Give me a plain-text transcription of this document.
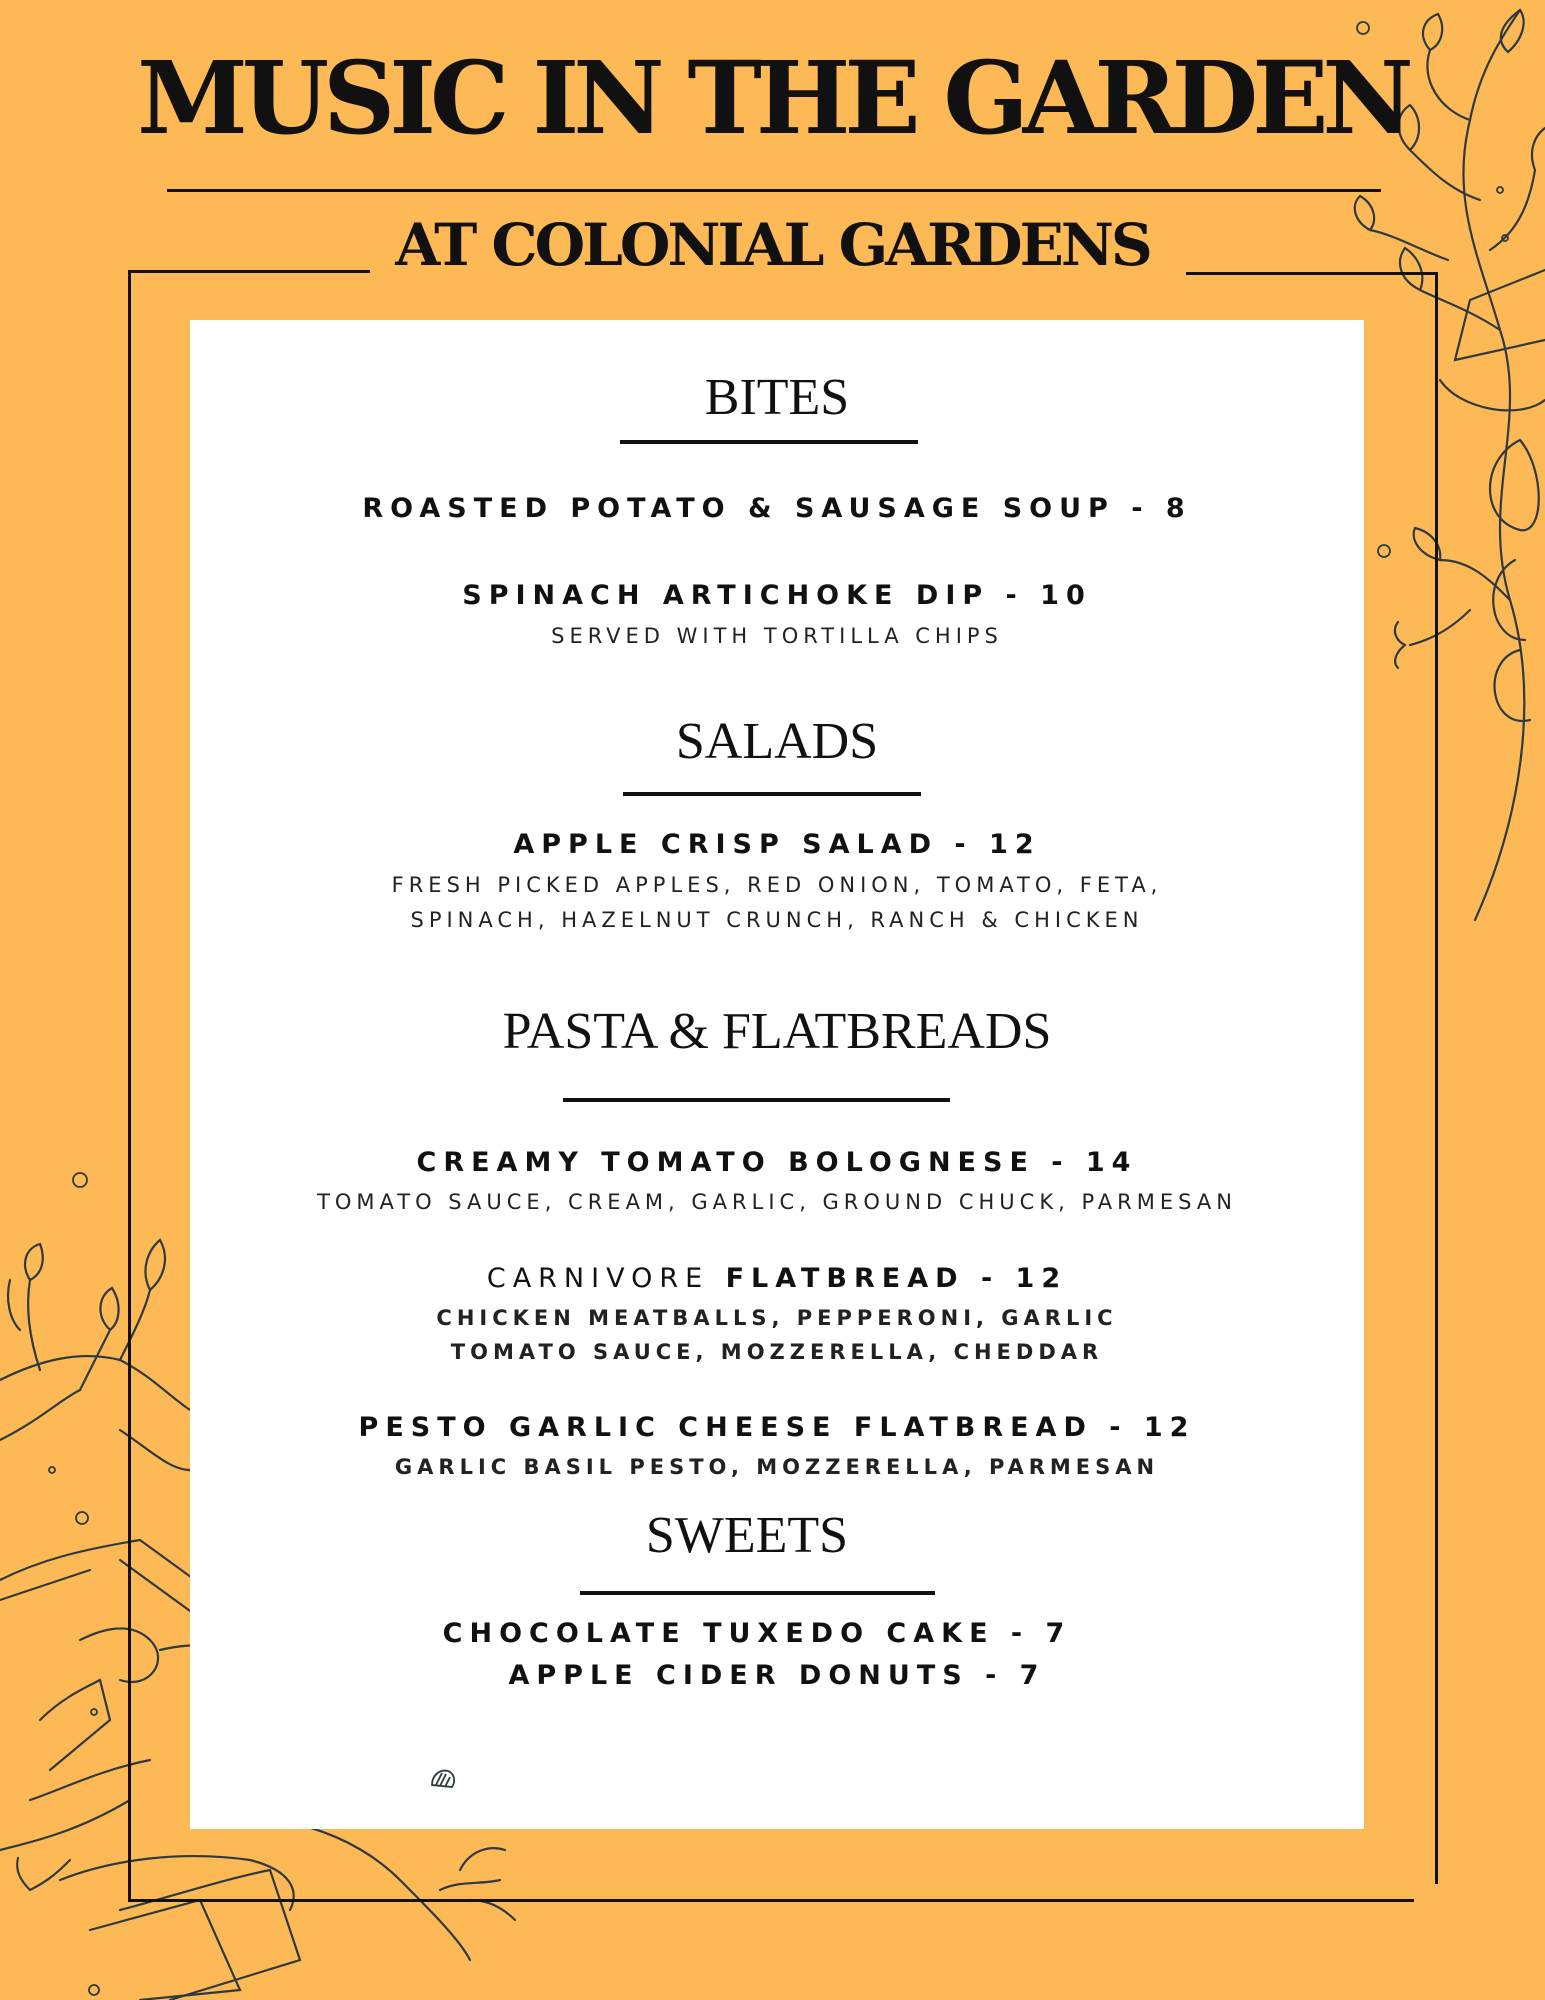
MUSIC IN THE GARDEN
AT COLONIAL GARDENS
BITES
ROASTED POTATO & SAUSAGE SOUP - 8
SPINACH ARTICHOKE DIP - 10
SERVED WITH TORTILLA CHIPS
SALADS
APPLE CRISP SALAD - 12
FRESH PICKED APPLES, RED ONION, TOMATO, FETA,
SPINACH, HAZELNUT CRUNCH, RANCH & CHICKEN
PASTA & FLATBREADS
CREAMY TOMATO BOLOGNESE - 14
TOMATO SAUCE, CREAM, GARLIC, GROUND CHUCK, PARMESAN
CARNIVORE FLATBREAD - 12
CHICKEN MEATBALLS, PEPPERONI, GARLIC
TOMATO SAUCE, MOZZERELLA, CHEDDAR
PESTO GARLIC CHEESE FLATBREAD - 12
GARLIC BASIL PESTO, MOZZERELLA, PARMESAN
SWEETS
CHOCOLATE TUXEDO CAKE - 7
APPLE CIDER DONUTS - 7
